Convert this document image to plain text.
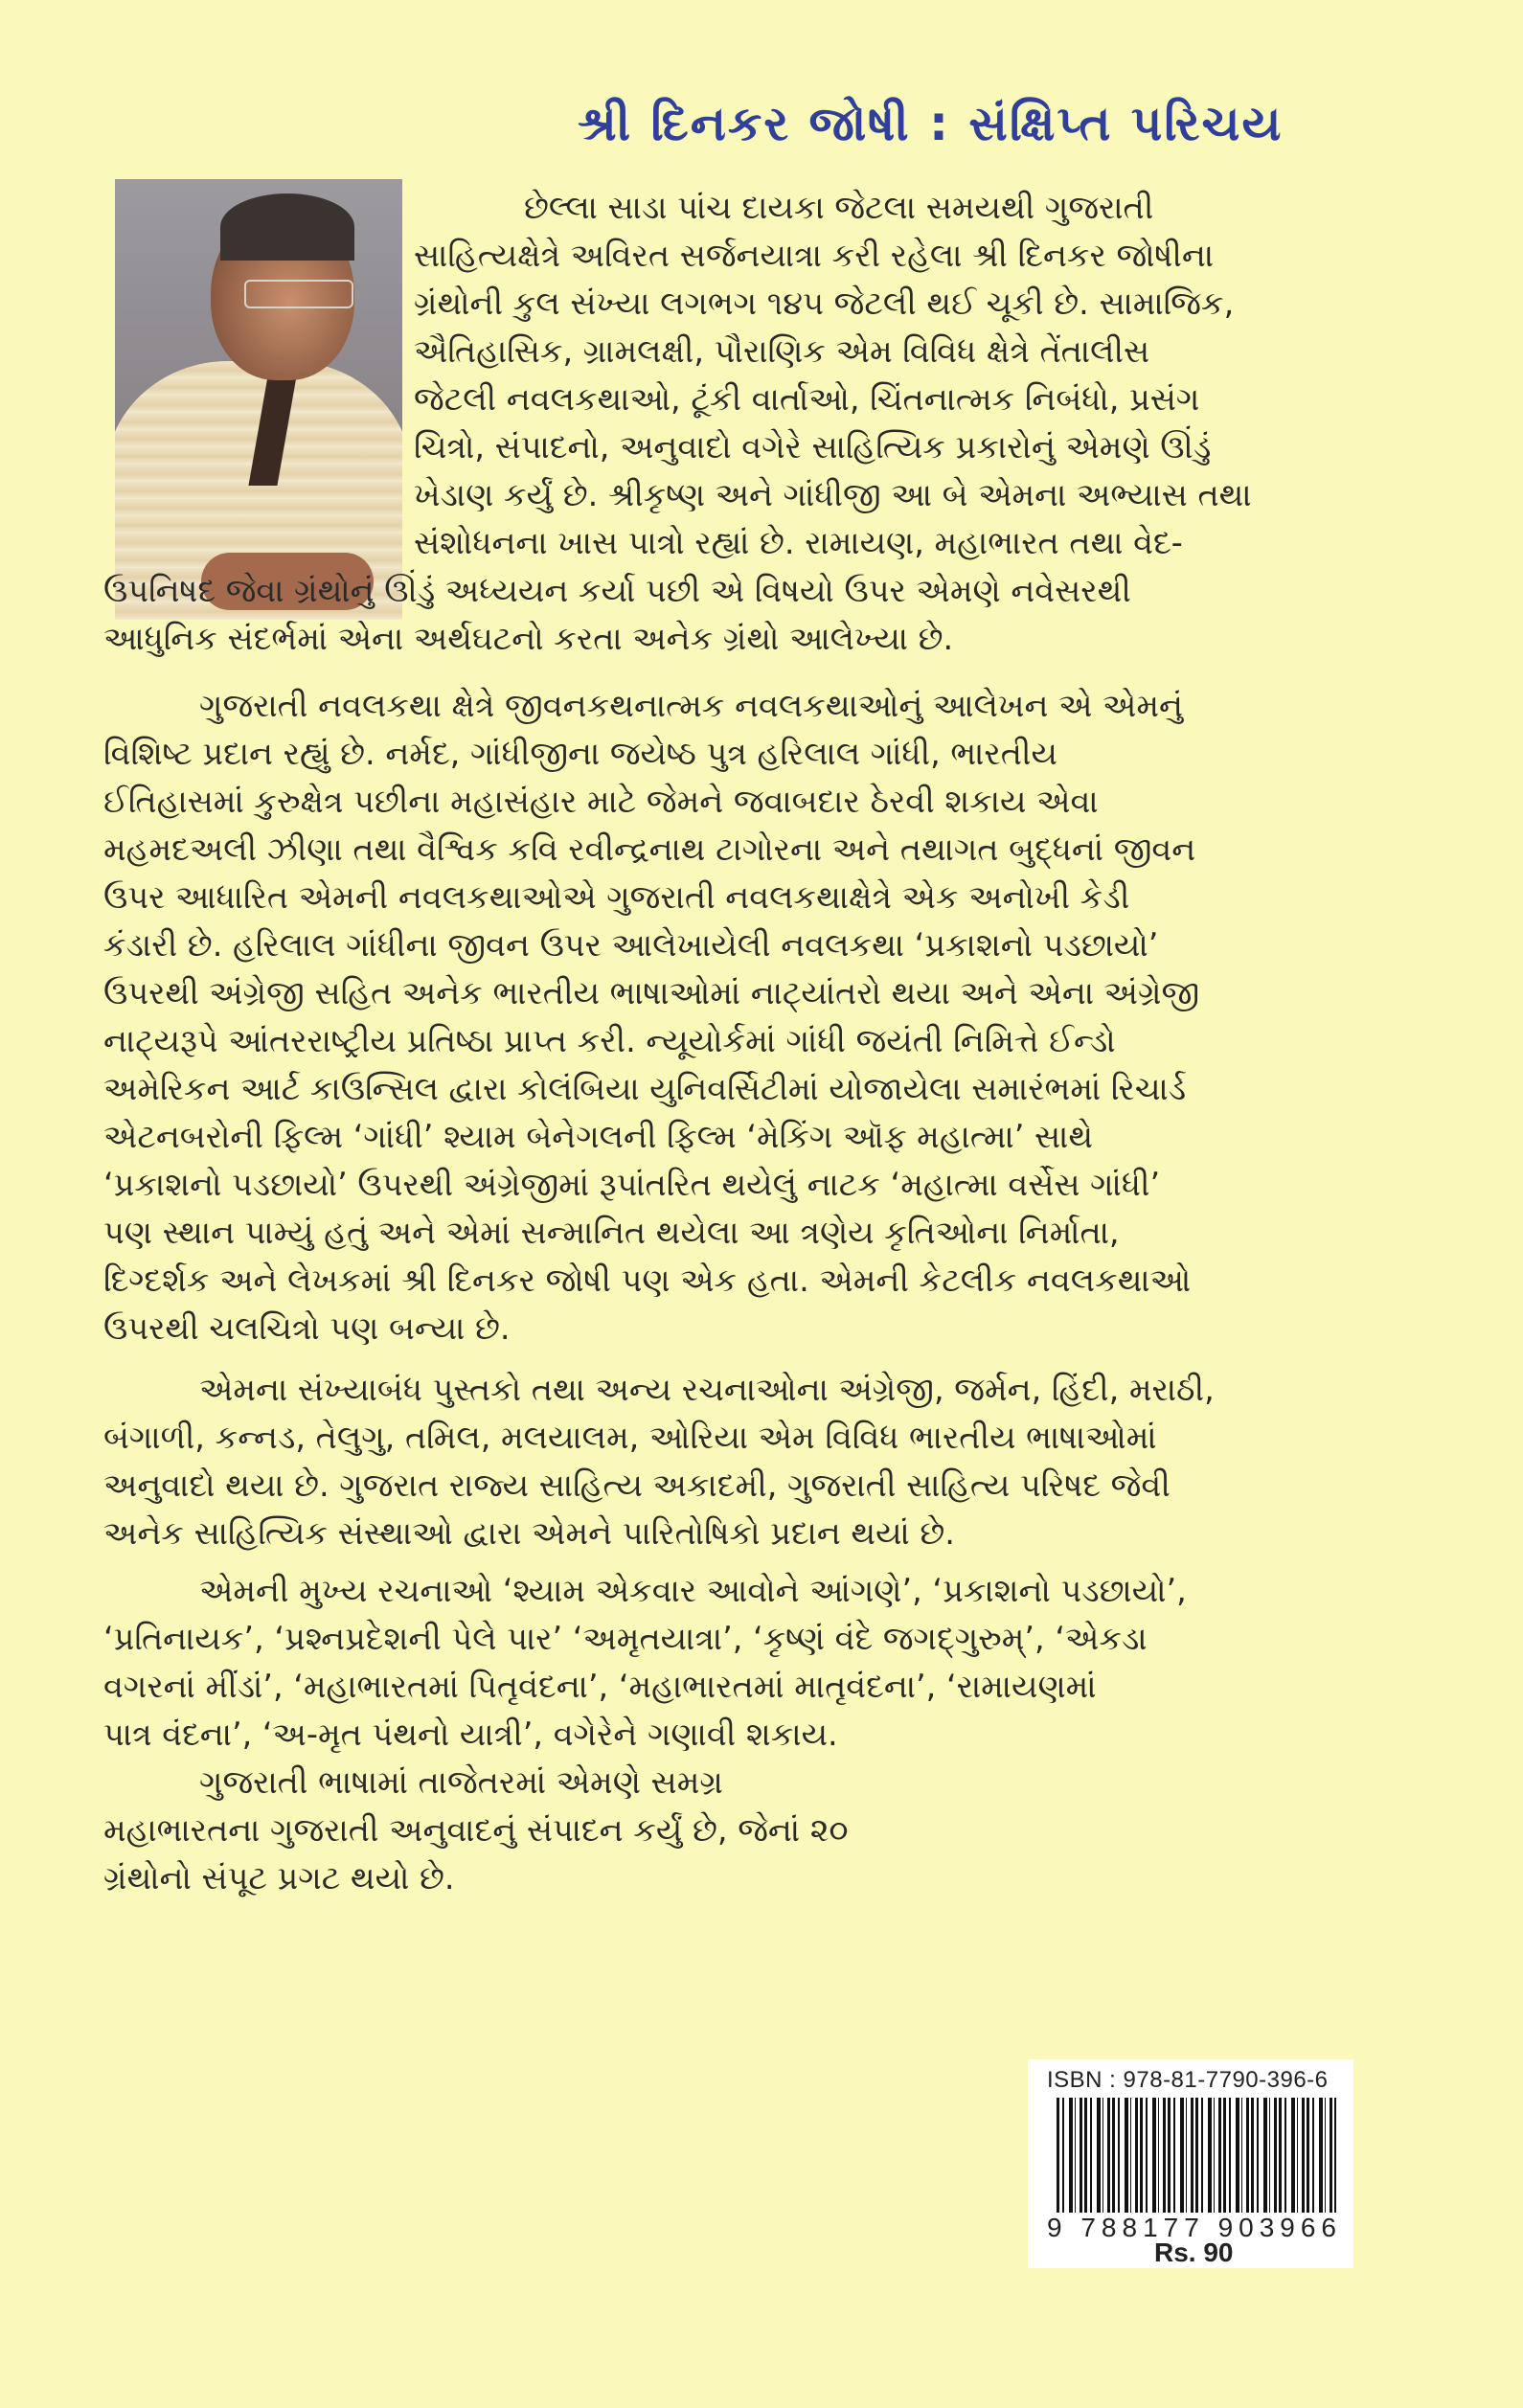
શ્રી દિનકર જોષી : સંક્ષિપ્ત પરિચય
છેલ્લા સાડા પાંચ દાયકા જેટલા સમયથી ગુજરાતી
સાહિત્યક્ષેત્રે અવિરત સર્જનયાત્રા કરી રહેલા શ્રી દિનકર જોષીના
ગ્રંથોની કુલ સંખ્યા લગભગ ૧૪૫ જેટલી થઈ ચૂકી છે. સામાજિક,
ઐતિહાસિક, ગ્રામલક્ષી, પૌરાણિક એમ વિવિધ ક્ષેત્રે તેંતાલીસ
જેટલી નવલકથાઓ, ટૂંકી વાર્તાઓ, ચિંતનાત્મક નિબંધો, પ્રસંગ
ચિત્રો, સંપાદનો, અનુવાદો વગેરે સાહિત્યિક પ્રકારોનું એમણે ઊંડું
ખેડાણ કર્યું છે. શ્રીકૃષ્ણ અને ગાંધીજી આ બે એમના અભ્યાસ તથા
સંશોધનના ખાસ પાત્રો રહ્યાં છે. રામાયણ, મહાભારત તથા વેદ-
ઉપનિષદ જેવા ગ્રંથોનું ઊંડું અધ્યયન કર્યા પછી એ વિષયો ઉપર એમણે નવેસરથી
આધુનિક સંદર્ભમાં એના અર્થઘટનો કરતા અનેક ગ્રંથો આલેખ્યા છે.
ગુજરાતી નવલકથા ક્ષેત્રે જીવનકથનાત્મક નવલકથાઓનું આલેખન એ એમનું
વિશિષ્ટ પ્રદાન રહ્યું છે. નર્મદ, ગાંધીજીના જયેષ્ઠ પુત્ર હરિલાલ ગાંધી, ભારતીય
ઈતિહાસમાં કુરુક્ષેત્ર પછીના મહાસંહાર માટે જેમને જવાબદાર ઠેરવી શકાય એવા
મહમદઅલી ઝીણા તથા વૈશ્વિક કવિ રવીન્દ્રનાથ ટાગોરના અને તથાગત બુદ્ધનાં જીવન
ઉપર આધારિત એમની નવલકથાઓએ ગુજરાતી નવલકથાક્ષેત્રે એક અનોખી કેડી
કંડારી છે. હરિલાલ ગાંધીના જીવન ઉપર આલેખાયેલી નવલકથા ‘પ્રકાશનો પડછાયો’
ઉપરથી અંગ્રેજી સહિત અનેક ભારતીય ભાષાઓમાં નાટ્યાંતરો થયા અને એના અંગ્રેજી
નાટ્યરૂપે આંતરરાષ્ટ્રીય પ્રતિષ્ઠા પ્રાપ્ત કરી. ન્યૂયોર્કમાં ગાંધી જયંતી નિમિત્તે ઈન્ડો
અમેરિકન આર્ટ કાઉન્સિલ દ્વારા કોલંબિયા યુનિવર્સિટીમાં યોજાયેલા સમારંભમાં રિચાર્ડ
એટનબરોની ફિલ્મ ‘ગાંધી’ શ્યામ બેનેગલની ફિલ્મ ‘મેકિંગ ઑફ મહાત્મા’ સાથે
‘પ્રકાશનો પડછાયો’ ઉપરથી અંગ્રેજીમાં રૂપાંતરિત થયેલું નાટક ‘મહાત્મા વર્સેસ ગાંધી’
પણ સ્થાન પામ્યું હતું અને એમાં સન્માનિત થયેલા આ ત્રણેય કૃતિઓના નિર્માતા,
દિગ્દર્શક અને લેખકમાં શ્રી દિનકર જોષી પણ એક હતા. એમની કેટલીક નવલકથાઓ
ઉપરથી ચલચિત્રો પણ બન્યા છે.
એમના સંખ્યાબંધ પુસ્તકો તથા અન્ય રચનાઓના અંગ્રેજી, જર્મન, હિંદી, મરાઠી,
બંગાળી, કન્નડ, તેલુગુ, તમિલ, મલયાલમ, ઓરિયા એમ વિવિધ ભારતીય ભાષાઓમાં
અનુવાદો થયા છે. ગુજરાત રાજ્ય સાહિત્ય અકાદમી, ગુજરાતી સાહિત્ય પરિષદ જેવી
અનેક સાહિત્યિક સંસ્થાઓ દ્વારા એમને પારિતોષિકો પ્રદાન થયાં છે.
એમની મુખ્ય રચનાઓ ‘શ્યામ એકવાર આવોને આંગણે’, ‘પ્રકાશનો પડછાયો’,
‘પ્રતિનાયક’, ‘પ્રશ્નપ્રદેશની પેલે પાર’ ‘અમૃતયાત્રા’, ‘કૃષ્ણં વંદે જગદ્ગુરુમ્’, ‘એકડા
વગરનાં મીંડાં’, ‘મહાભારતમાં પિતૃવંદના’, ‘મહાભારતમાં માતૃવંદના’, ‘રામાયણમાં
પાત્ર વંદના’, ‘અ-મૃત પંથનો યાત્રી’, વગેરેને ગણાવી શકાય.
ગુજરાતી ભાષામાં તાજેતરમાં એમણે સમગ્ર
મહાભારતના ગુજરાતી અનુવાદનું સંપાદન કર્યું છે, જેનાં ૨૦
ગ્રંથોનો સંપૂટ પ્રગટ થયો છે.
ISBN : 978-81-7790-396-6
9 788177 903966
Rs. 90
